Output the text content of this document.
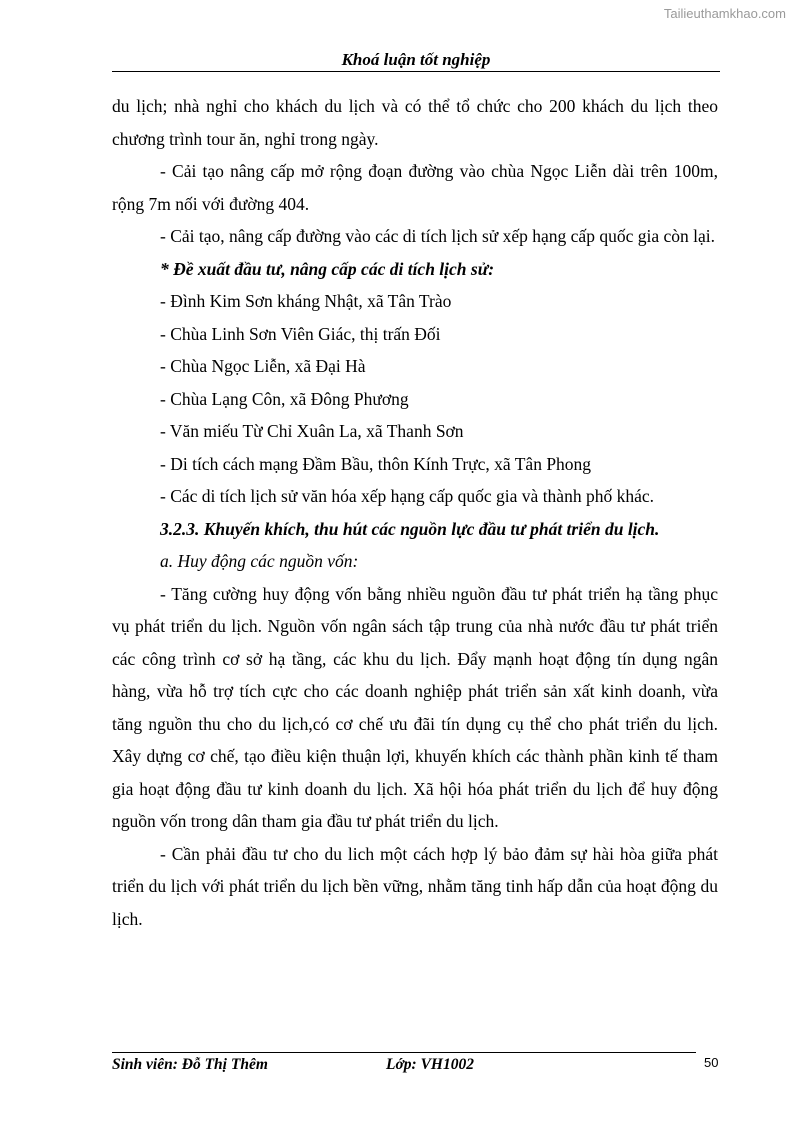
Tailieuthamkhao.com
Khoá luận tốt nghiệp

du lịch; nhà nghỉ cho khách du lịch và có thể tổ chức cho 200 khách du lịch theo chương trình tour ăn, nghỉ trong ngày.

- Cải tạo nâng cấp mở rộng đoạn đường vào chùa Ngọc Liễn dài trên 100m, rộng 7m nối với đường 404.

- Cải tạo, nâng cấp đường vào các di tích lịch sử xếp hạng cấp quốc gia còn lại.

* Đề xuất đầu tư, nâng cấp các di tích lịch sử:

- Đình Kim Sơn kháng Nhật, xã Tân Trào

- Chùa Linh Sơn Viên Giác, thị trấn Đối

- Chùa Ngọc Liễn, xã Đại Hà

- Chùa Lạng Côn, xã Đông Phương

- Văn miếu Từ Chỉ Xuân La, xã Thanh Sơn

- Di tích cách mạng Đầm Bầu, thôn Kính Trực, xã Tân Phong

- Các di tích lịch sử văn hóa xếp hạng cấp quốc gia và thành phố khác.

3.2.3. Khuyến khích, thu hút các nguồn lực đầu tư phát triển du lịch.

a. Huy động các nguồn vốn:

- Tăng cường huy động vốn bằng nhiều nguồn đầu tư phát triển hạ tầng phục vụ phát triển du lịch. Nguồn vốn ngân sách tập trung của nhà nước đầu tư phát triển các công trình cơ sở hạ tầng, các khu du lịch. Đẩy mạnh hoạt động tín dụng ngân hàng, vừa hỗ trợ tích cực cho các doanh nghiệp phát triển sản xất kinh doanh, vừa tăng nguồn thu cho du lịch,có cơ chế ưu đãi tín dụng cụ thể cho phát triển du lịch. Xây dựng cơ chế, tạo điều kiện thuận lợi, khuyến khích các thành phần kinh tế tham gia hoạt động đầu tư kinh doanh du lịch. Xã hội hóa phát triển du lịch để huy động nguồn vốn trong dân tham gia đầu tư phát triển du lịch.

- Cần phải đầu tư cho du lich một cách hợp lý bảo đảm sự hài hòa giữa phát triển du lịch với phát triển du lịch bền vững, nhằm tăng tinh hấp dẫn của hoạt động du lịch.

Sinh viên: Đỗ Thị Thêm	Lớp: VH1002	50
